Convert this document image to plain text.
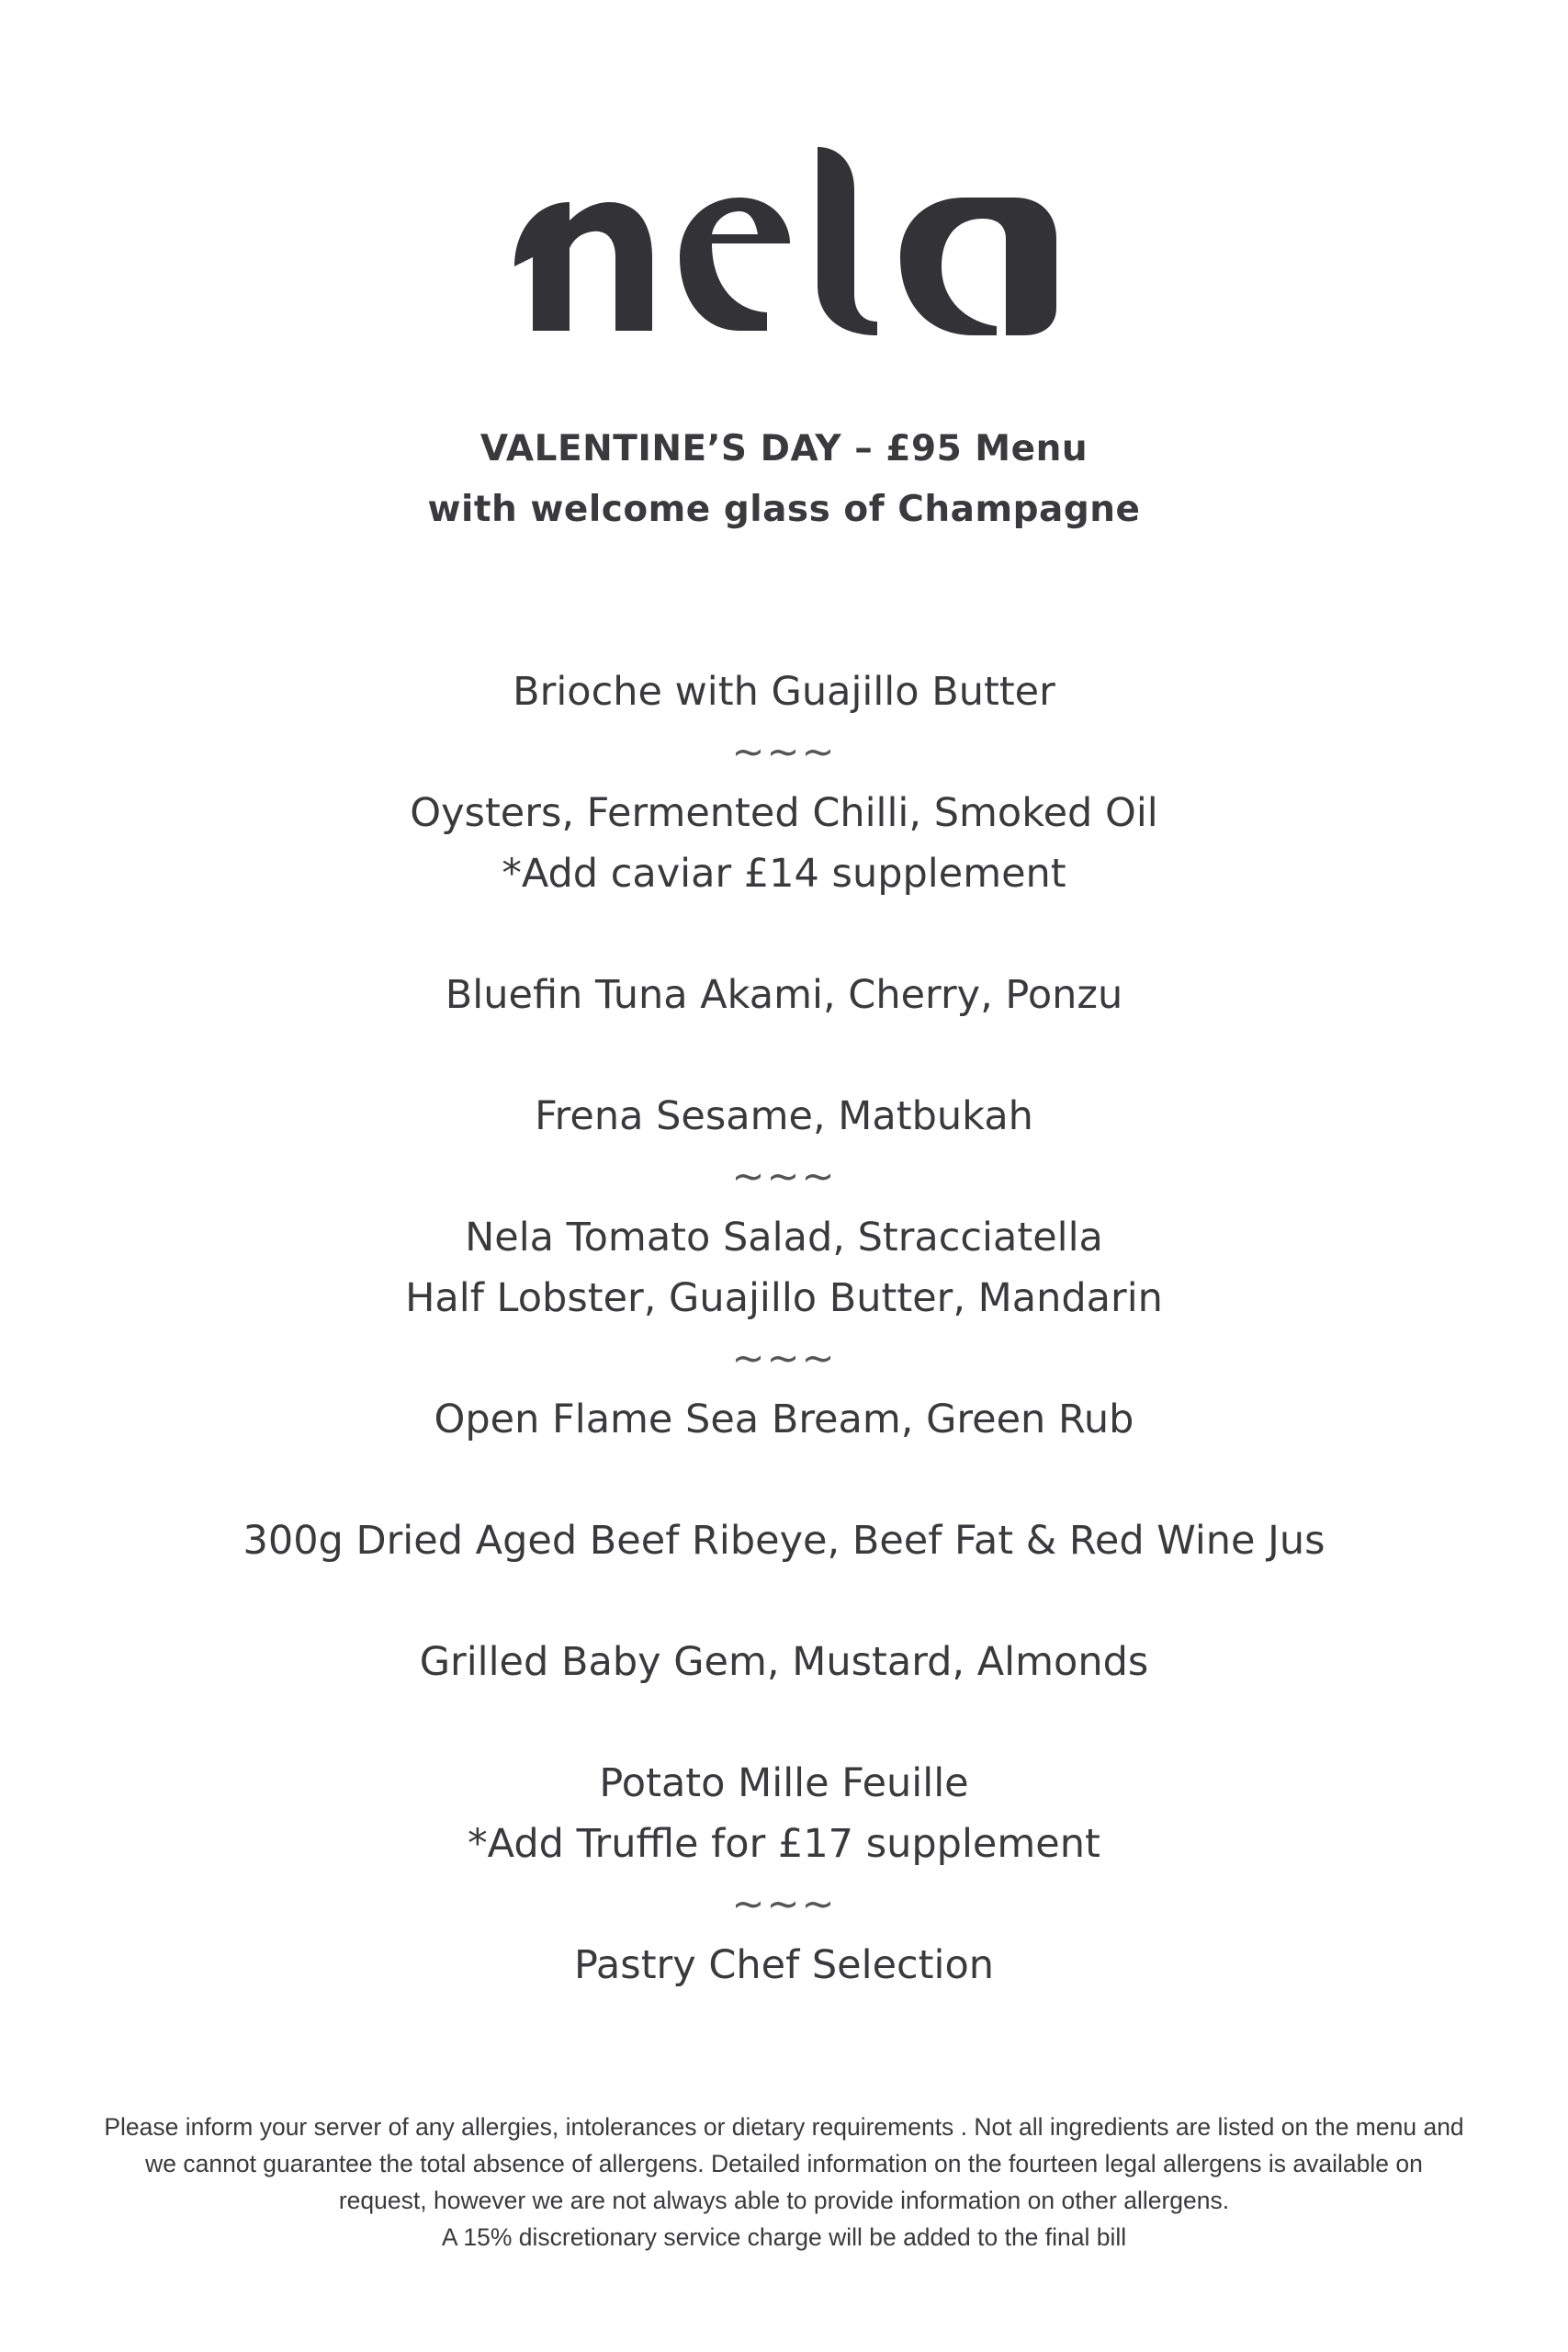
VALENTINE’S DAY – £95 Menu
with welcome glass of Champagne
Brioche with Guajillo Butter
~~~
Oysters, Fermented Chilli, Smoked Oil
*Add caviar £14 supplement
Bluefin Tuna Akami, Cherry, Ponzu
Frena Sesame, Matbukah
~~~
Nela Tomato Salad, Stracciatella
Half Lobster, Guajillo Butter, Mandarin
~~~
Open Flame Sea Bream, Green Rub
300g Dried Aged Beef Ribeye, Beef Fat & Red Wine Jus
Grilled Baby Gem, Mustard, Almonds
Potato Mille Feuille
*Add Truffle for £17 supplement
~~~
Pastry Chef Selection
Please inform your server of any allergies, intolerances or dietary requirements . Not all ingredients are listed on the menu and
we cannot guarantee the total absence of allergens. Detailed information on the fourteen legal allergens is available on
request, however we are not always able to provide information on other allergens.
A 15% discretionary service charge will be added to the final bill
